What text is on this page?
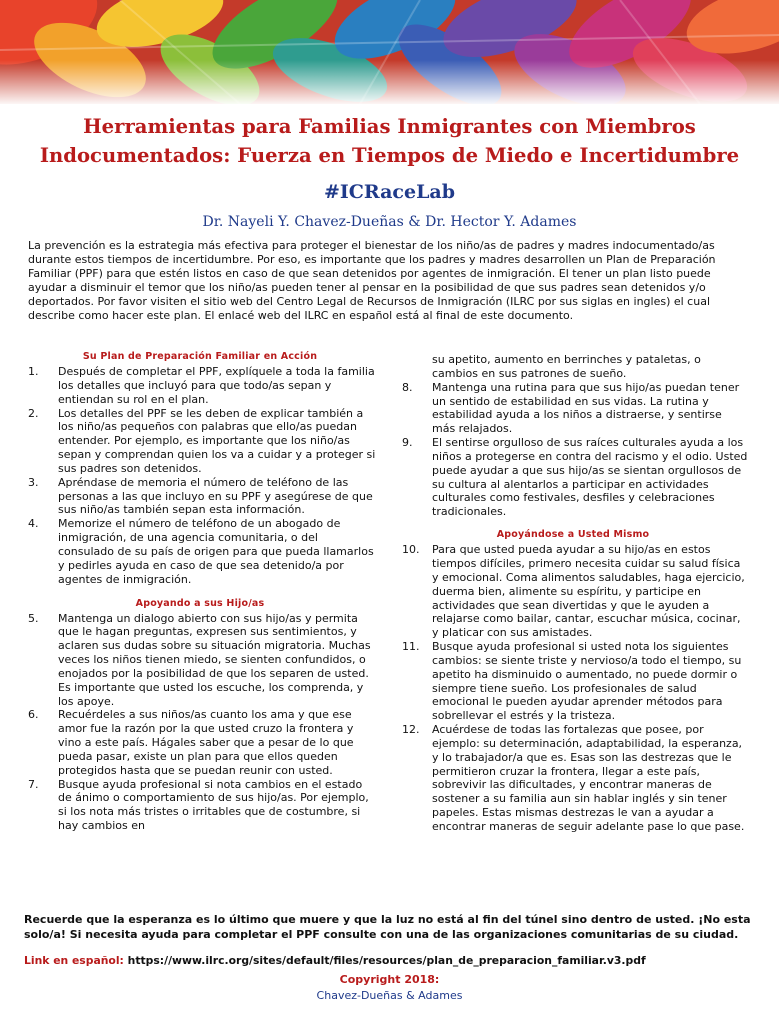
Herramientas para Familias Inmigrantes con Miembros
Indocumentados: Fuerza en Tiempos de Miedo e Incertidumbre
#ICRaceLab
Dr. Nayeli Y. Chavez-Dueñas & Dr. Hector Y. Adames

La prevención es la estrategia más efectiva para proteger el bienestar de los niño/as de padres y madres indocumentado/as durante estos tiempos de incertidumbre. Por eso, es importante que los padres y madres desarrollen un Plan de Preparación Familiar (PPF) para que estén listos en caso de que sean detenidos por agentes de inmigración. El tener un plan listo puede ayudar a disminuir el temor que los niño/as pueden tener al pensar en la posibilidad de que sus padres sean detenidos y/o deportados. Por favor visiten el sitio web del Centro Legal de Recursos de Inmigración (ILRC por sus siglas en ingles) el cual describe como hacer este plan. El enlacé web del ILRC en español está al final de este documento.

Su Plan de Preparación Familiar en Acción
1.	Después de completar el PPF, explíquele a toda la familia los detalles que incluyó para que todo/as sepan y entiendan su rol en el plan.
2.	Los detalles del PPF se les deben de explicar también a los niño/as pequeños con palabras que ello/as puedan entender. Por ejemplo, es importante que los niño/as sepan y comprendan quien los va a cuidar y a proteger si sus padres son detenidos.
3.	Apréndase de memoria el número de teléfono de las personas a las que incluyo en su PPF y asegúrese de que sus niño/as también sepan esta información.
4.	Memorize el número de teléfono de un abogado de inmigración, de una agencia comunitaria, o del consulado de su país de origen para que pueda llamarlos y pedirles ayuda en caso de que sea detenido/a por agentes de inmigración.
Apoyando a sus Hijo/as
5.	Mantenga un dialogo abierto con sus hijo/as y permita que le hagan preguntas, expresen sus sentimientos, y aclaren sus dudas sobre su situación migratoria. Muchas veces los niños tienen miedo, se sienten confundidos, o enojados por la posibilidad de que los separen de usted. Es importante que usted los escuche, los comprenda, y los apoye.
6.	Recuérdeles a sus niños/as cuanto los ama y que ese amor fue la razón por la que usted cruzo la frontera y vino a este país. Hágales saber que a pesar de lo que pueda pasar, existe un plan para que ellos queden protegidos hasta que se puedan reunir con usted.
7.	Busque ayuda profesional si nota cambios en el estado de ánimo o comportamiento de sus hijo/as. Por ejemplo, si los nota más tristes o irritables que de costumbre, si hay cambios en
su apetito, aumento en berrinches y pataletas, o cambios en sus patrones de sueño.
8.	Mantenga una rutina para que sus hijo/as puedan tener un sentido de estabilidad en sus vidas. La rutina y estabilidad ayuda a los niños a distraerse, y sentirse más relajados.
9.	El sentirse orgulloso de sus raíces culturales ayuda a los niños a protegerse en contra del racismo y el odio. Usted puede ayudar a que sus hijo/as se sientan orgullosos de su cultura al alentarlos a participar en actividades culturales como festivales, desfiles y celebraciones tradicionales.
Apoyándose a Usted Mismo
10.	Para que usted pueda ayudar a su hijo/as en estos tiempos difíciles, primero necesita cuidar su salud física y emocional. Coma alimentos saludables, haga ejercicio, duerma bien, alimente su espíritu, y participe en actividades que sean divertidas y que le ayuden a relajarse como bailar, cantar, escuchar música, cocinar, y platicar con sus amistades.
11.	Busque ayuda profesional si usted nota los siguientes cambios: se siente triste y nervioso/a todo el tiempo, su apetito ha disminuido o aumentado, no puede dormir o siempre tiene sueño. Los profesionales de salud emocional le pueden ayudar aprender métodos para sobrellevar el estrés y la tristeza.
12.	Acuérdese de todas las fortalezas que posee, por ejemplo: su determinación, adaptabilidad, la esperanza, y lo trabajador/a que es. Esas son las destrezas que le permitieron cruzar la frontera, llegar a este país, sobrevivir las dificultades, y encontrar maneras de sostener a su familia aun sin hablar inglés y sin tener papeles. Estas mismas destrezas le van a ayudar a encontrar maneras de seguir adelante pase lo que pase.

Recuerde que la esperanza es lo último que muere y que la luz no está al fin del túnel sino dentro de usted. ¡No esta solo/a! Si necesita ayuda para completar el PPF consulte con una de las organizaciones comunitarias de su ciudad.

Link en español: https://www.ilrc.org/sites/default/files/resources/plan_de_preparacion_familiar.v3.pdf
Copyright 2018:
Chavez-Dueñas & Adames
